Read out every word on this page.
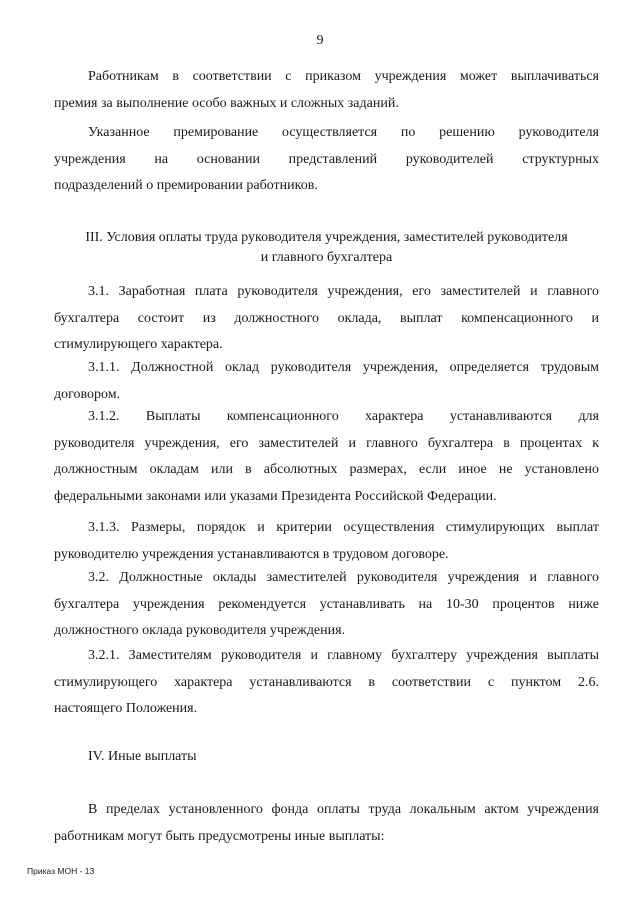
9
Работникам в соответствии с приказом учреждения может выплачиваться
премия за выполнение особо важных и сложных заданий.
Указанное премирование осуществляется по решению руководителя
учреждения на основании представлений руководителей структурных
подразделений о премировании работников.
III. Условия оплаты труда руководителя учреждения, заместителей руководителя
и главного бухгалтера
3.1. Заработная плата руководителя учреждения, его заместителей и главного
бухгалтера состоит из должностного оклада, выплат компенсационного и
стимулирующего характера.
3.1.1. Должностной оклад руководителя учреждения, определяется трудовым
договором.
3.1.2. Выплаты компенсационного характера устанавливаются для
руководителя учреждения, его заместителей и главного бухгалтера в процентах к
должностным окладам или в абсолютных размерах, если иное не установлено
федеральными законами или указами Президента Российской Федерации.
3.1.3. Размеры, порядок и критерии осуществления стимулирующих выплат
руководителю учреждения устанавливаются в трудовом договоре.
3.2. Должностные оклады заместителей руководителя учреждения и главного
бухгалтера учреждения рекомендуется устанавливать на 10-30 процентов ниже
должностного оклада руководителя учреждения.
3.2.1. Заместителям руководителя и главному бухгалтеру учреждения выплаты
стимулирующего характера устанавливаются в соответствии с пунктом 2.6.
настоящего Положения.
IV. Иные выплаты
В пределах установленного фонда оплаты труда локальным актом учреждения
работникам могут быть предусмотрены иные выплаты:
Приказ МОН - 13
